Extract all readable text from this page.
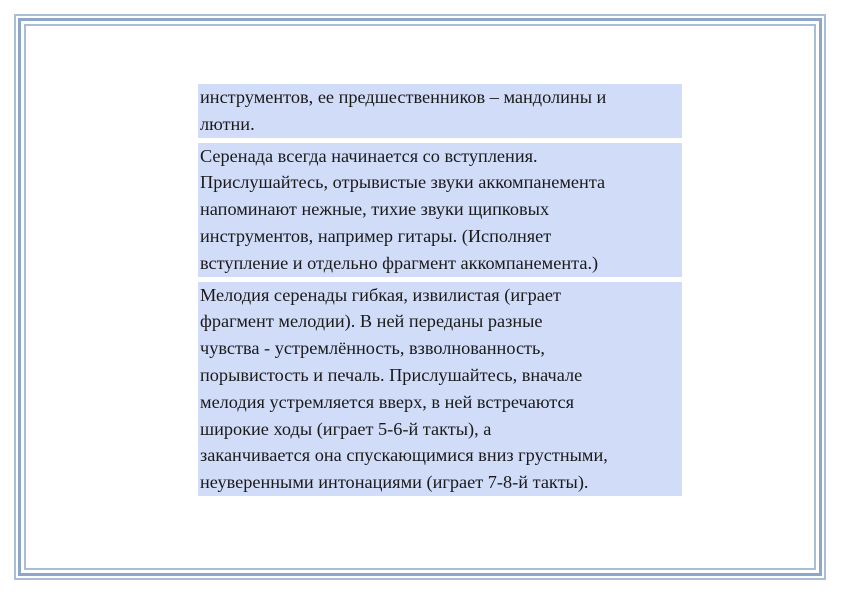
инструментов, ее предшественников – мандолины и
лютни.

Серенада всегда начинается со вступления.
Прислушайтесь, отрывистые звуки аккомпанемента
напоминают нежные, тихие звуки щипковых
инструментов, например гитары. (Исполняет
вступление и отдельно фрагмент аккомпанемента.)

Мелодия серенады гибкая, извилистая (играет
фрагмент мелодии). В ней переданы разные
чувства - устремлённость, взволнованность,
порывистость и печаль. Прислушайтесь, вначале
мелодия устремляется вверх, в ней встречаются
широкие ходы (играет 5-6-й такты), а
заканчивается она спускающимися вниз грустными,
неуверенными интонациями (играет 7-8-й такты).
